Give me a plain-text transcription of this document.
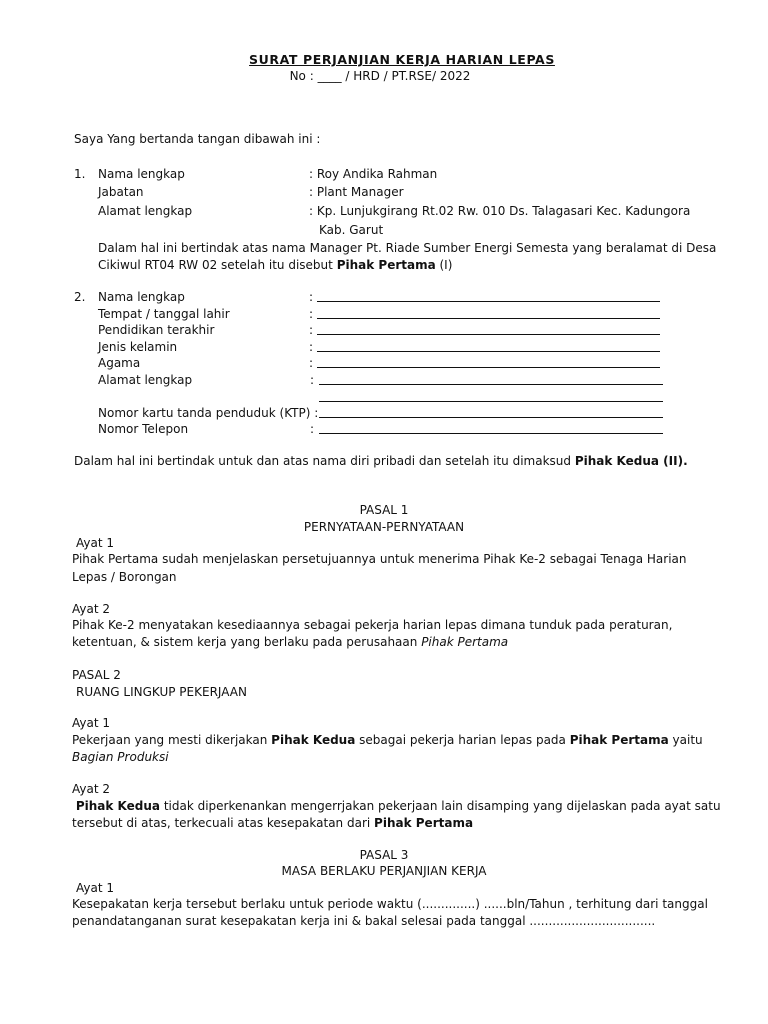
SURAT PERJANJIAN KERJA HARIAN LEPAS
No : ____ / HRD / PT.RSE/ 2022
Saya Yang bertanda tangan dibawah ini :
1. Nama lengkap	: Roy Andika Rahman
Jabatan	: Plant Manager
Alamat lengkap	: Kp. Lunjukgirang Rt.02 Rw. 010 Ds. Talagasari Kec. Kadungora
Kab. Garut
Dalam hal ini bertindak atas nama Manager Pt. Riade Sumber Energi Semesta yang beralamat di Desa
Cikiwul RT04 RW 02 setelah itu disebut Pihak Pertama (I)
2. Nama lengkap	:
Tempat / tanggal lahir	:
Pendidikan terakhir	:
Jenis kelamin	:
Agama	:
Alamat lengkap	:
Nomor kartu tanda penduduk (KTP) :
Nomor Telepon	:
Dalam hal ini bertindak untuk dan atas nama diri pribadi dan setelah itu dimaksud Pihak Kedua (II).
PASAL 1
PERNYATAAN-PERNYATAAN
Ayat 1
Pihak Pertama sudah menjelaskan persetujuannya untuk menerima Pihak Ke-2 sebagai Tenaga Harian
Lepas / Borongan
Ayat 2
Pihak Ke-2 menyatakan kesediaannya sebagai pekerja harian lepas dimana tunduk pada peraturan,
ketentuan, & sistem kerja yang berlaku pada perusahaan Pihak Pertama
PASAL 2
RUANG LINGKUP PEKERJAAN
Ayat 1
Pekerjaan yang mesti dikerjakan Pihak Kedua sebagai pekerja harian lepas pada Pihak Pertama yaitu
Bagian Produksi
Ayat 2
Pihak Kedua tidak diperkenankan mengerrjakan pekerjaan lain disamping yang dijelaskan pada ayat satu
tersebut di atas, terkecuali atas kesepakatan dari Pihak Pertama
PASAL 3
MASA BERLAKU PERJANJIAN KERJA
Ayat 1
Kesepakatan kerja tersebut berlaku untuk periode waktu (..............) ......bln/Tahun , terhitung dari tanggal
penandatanganan surat kesepakatan kerja ini & bakal selesai pada tanggal .................................
